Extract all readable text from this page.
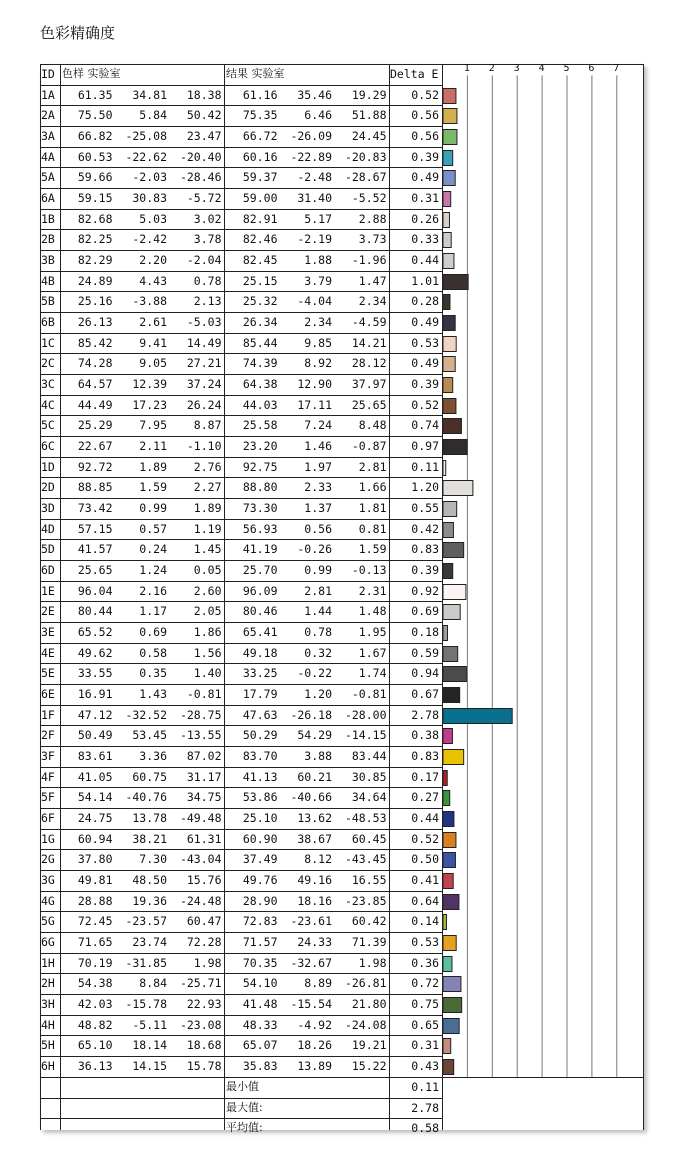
色彩精确度
ID 色样 实验室	结果 实验室	Delta E	1	2	3	4	5	6	7
1A	61.35	34.81	18.38	61.16	35.46	19.29	0.52
2A	75.50	5.84	50.42	75.35	6.46	51.88	0.56
3A	66.82	-25.08	23.47	66.72	-26.09	24.45	0.56
4A	60.53	-22.62	-20.40	60.16	-22.89	-20.83	0.39
5A	59.66	-2.03	-28.46	59.37	-2.48	-28.67	0.49
6A	59.15	30.83	-5.72	59.00	31.40	-5.52	0.31
1B	82.68	5.03	3.02	82.91	5.17	2.88	0.26
2B	82.25	-2.42	3.78	82.46	-2.19	3.73	0.33
3B	82.29	2.20	-2.04	82.45	1.88	-1.96	0.44
4B	24.89	4.43	0.78	25.15	3.79	1.47	1.01
5B	25.16	-3.88	2.13	25.32	-4.04	2.34	0.28
6B	26.13	2.61	-5.03	26.34	2.34	-4.59	0.49
1C	85.42	9.41	14.49	85.44	9.85	14.21	0.53
2C	74.28	9.05	27.21	74.39	8.92	28.12	0.49
3C	64.57	12.39	37.24	64.38	12.90	37.97	0.39
4C	44.49	17.23	26.24	44.03	17.11	25.65	0.52
5C	25.29	7.95	8.87	25.58	7.24	8.48	0.74
6C	22.67	2.11	-1.10	23.20	1.46	-0.87	0.97
1D	92.72	1.89	2.76	92.75	1.97	2.81	0.11
2D	88.85	1.59	2.27	88.80	2.33	1.66	1.20
3D	73.42	0.99	1.89	73.30	1.37	1.81	0.55
4D	57.15	0.57	1.19	56.93	0.56	0.81	0.42
5D	41.57	0.24	1.45	41.19	-0.26	1.59	0.83
6D	25.65	1.24	0.05	25.70	0.99	-0.13	0.39
1E	96.04	2.16	2.60	96.09	2.81	2.31	0.92
2E	80.44	1.17	2.05	80.46	1.44	1.48	0.69
3E	65.52	0.69	1.86	65.41	0.78	1.95	0.18
4E	49.62	0.58	1.56	49.18	0.32	1.67	0.59
5E	33.55	0.35	1.40	33.25	-0.22	1.74	0.94
6E	16.91	1.43	-0.81	17.79	1.20	-0.81	0.67
1F	47.12	-32.52	-28.75	47.63	-26.18	-28.00	2.78
2F	50.49	53.45	-13.55	50.29	54.29	-14.15	0.38
3F	83.61	3.36	87.02	83.70	3.88	83.44	0.83
4F	41.05	60.75	31.17	41.13	60.21	30.85	0.17
5F	54.14	-40.76	34.75	53.86	-40.66	34.64	0.27
6F	24.75	13.78	-49.48	25.10	13.62	-48.53	0.44
1G	60.94	38.21	61.31	60.90	38.67	60.45	0.52
2G	37.80	7.30	-43.04	37.49	8.12	-43.45	0.50
3G	49.81	48.50	15.76	49.76	49.16	16.55	0.41
4G	28.88	19.36	-24.48	28.90	18.16	-23.85	0.64
5G	72.45	-23.57	60.47	72.83	-23.61	60.42	0.14
6G	71.65	23.74	72.28	71.57	24.33	71.39	0.53
1H	70.19	-31.85	1.98	70.35	-32.67	1.98	0.36
2H	54.38	8.84	-25.71	54.10	8.89	-26.81	0.72
3H	42.03	-15.78	22.93	41.48	-15.54	21.80	0.75
4H	48.82	-5.11	-23.08	48.33	-4.92	-24.08	0.65
5H	65.10	18.14	18.68	65.07	18.26	19.21	0.31
6H	36.13	14.15	15.78	35.83	13.89	15.22	0.43
最小值	0.11
最大值:	2.78
平均值:	0.58
